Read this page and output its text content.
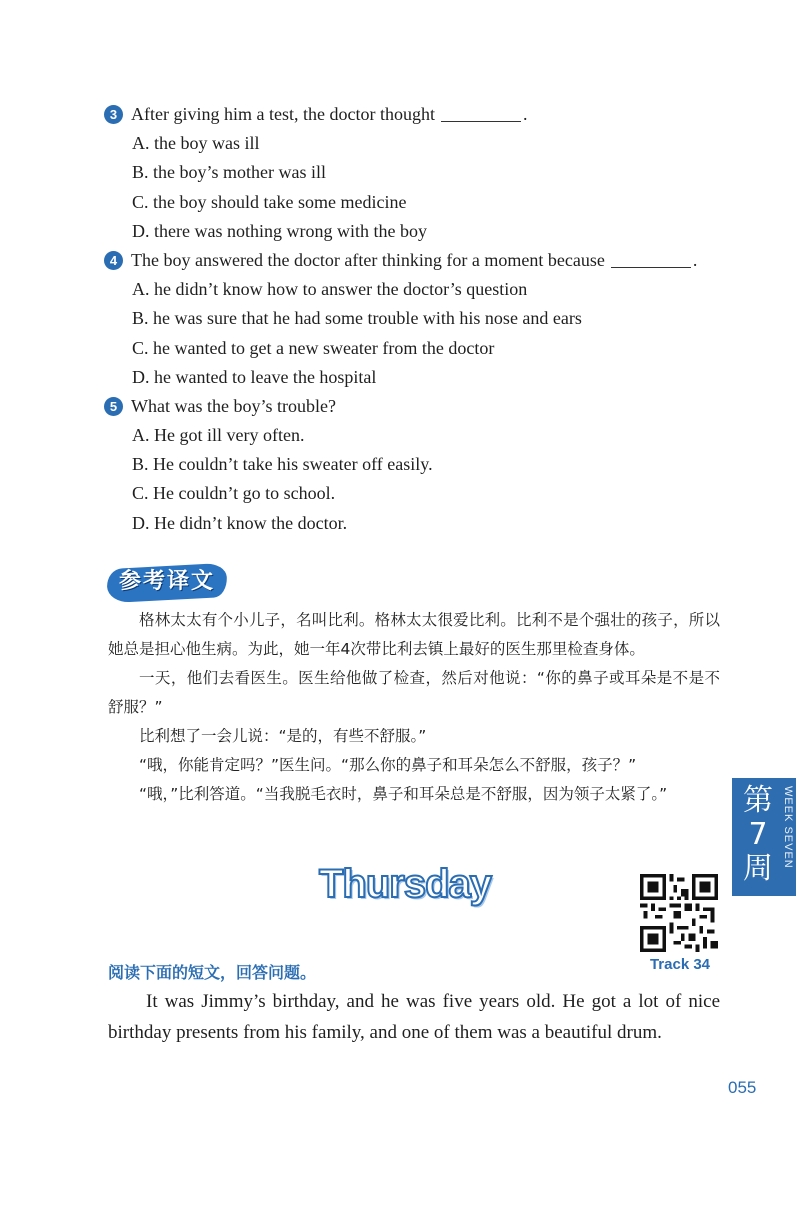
3 After giving him a test, the doctor thought	.
A. the boy was ill
B. the boy’s mother was ill
C. the boy should take some medicine
D. there was nothing wrong with the boy
4 The boy answered the doctor after thinking for a moment because	.
A. he didn’t know how to answer the doctor’s question
B. he was sure that he had some trouble with his nose and ears
C. he wanted to get a new sweater from the doctor
D. he wanted to leave the hospital
5 What was the boy’s trouble?
A. He got ill very often.
B. He couldn’t take his sweater off easily.
C. He couldn’t go to school.
D. He didn’t know the doctor.
参考译文

格林太太有个小儿子，名叫比利。格林太太很爱比利。比利不是个强壮的孩子，所以她总是担心他生病。为此，她一年4次带比利去镇上最好的医生那里检查身体。

一天，他们去看医生。医生给他做了检查，然后对他说：“你的鼻子或耳朵是不是不舒服？”

比利想了一会儿说：“是的，有些不舒服。”

“哦，你能肯定吗？”医生问。“那么你的鼻子和耳朵怎么不舒服，孩子？”

“哦，”比利答道。“当我脱毛衣时，鼻子和耳朵总是不舒服，因为领子太紧了。”	第7周 WEEK SEVEN
Thursday
Track 34
阅读下面的短文，回答问题。

It was Jimmy’s birthday, and he was five years old. He got a lot of nice birthday presents from his family, and one of them was a beautiful drum.

055
